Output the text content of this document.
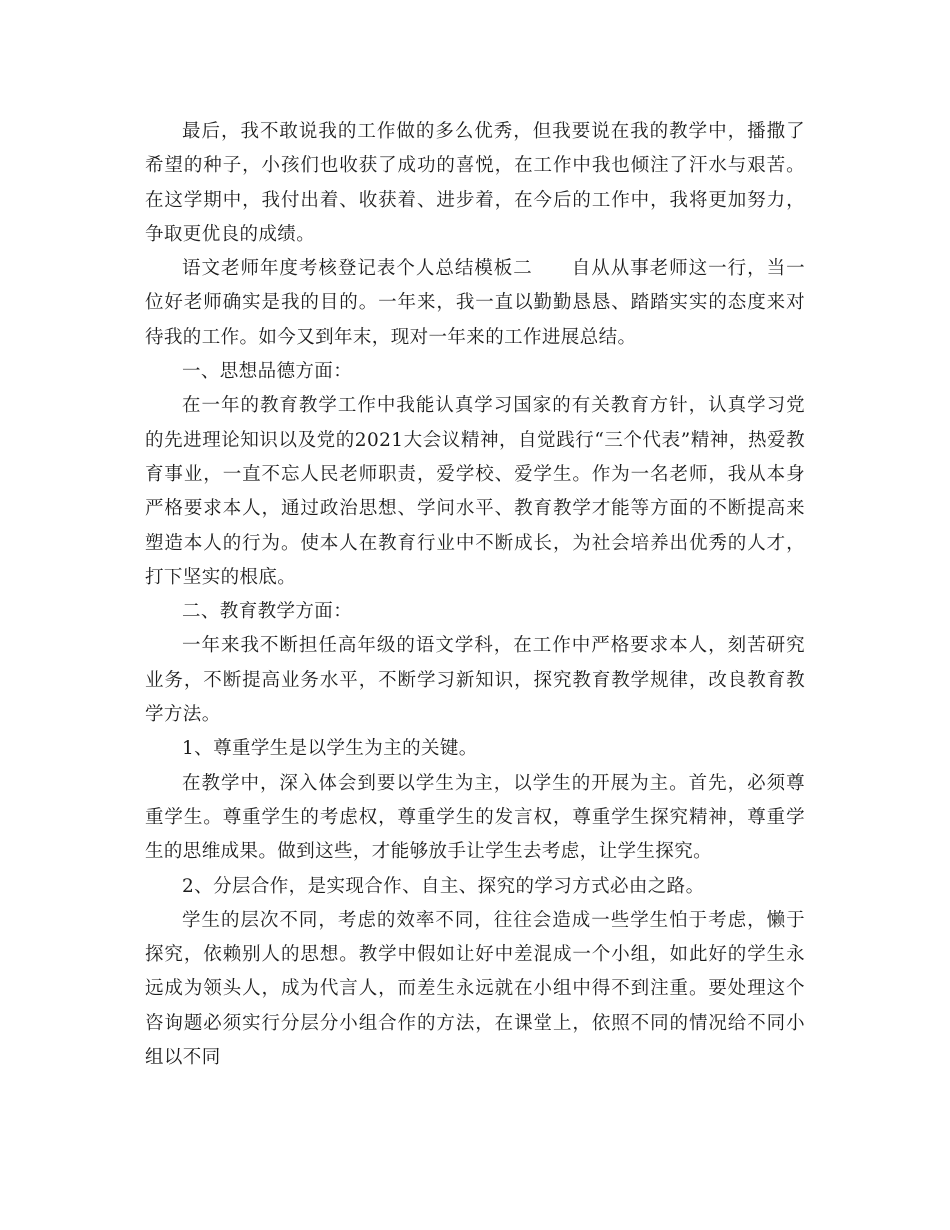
最后，我不敢说我的工作做的多么优秀，但我要说在我的教学中，播撒了希望的种子，小孩们也收获了成功的喜悦，在工作中我也倾注了汗水与艰苦。在这学期中，我付出着、收获着、进步着，在今后的工作中，我将更加努力，争取更优良的成绩。

语文老师年度考核登记表个人总结模板二　　自从从事老师这一行，当一位好老师确实是我的目的。一年来，我一直以勤勤恳恳、踏踏实实的态度来对待我的工作。如今又到年末，现对一年来的工作进展总结。

一、思想品德方面：

在一年的教育教学工作中我能认真学习国家的有关教育方针，认真学习党的先进理论知识以及党的2021大会议精神，自觉践行“三个代表”精神，热爱教育事业，一直不忘人民老师职责，爱学校、爱学生。作为一名老师，我从本身严格要求本人，通过政治思想、学问水平、教育教学才能等方面的不断提高来塑造本人的行为。使本人在教育行业中不断成长，为社会培养出优秀的人才，打下坚实的根底。

二、教育教学方面：

一年来我不断担任高年级的语文学科，在工作中严格要求本人，刻苦研究业务，不断提高业务水平，不断学习新知识，探究教育教学规律，改良教育教学方法。

1、尊重学生是以学生为主的关键。

在教学中，深入体会到要以学生为主，以学生的开展为主。首先，必须尊重学生。尊重学生的考虑权，尊重学生的发言权，尊重学生探究精神，尊重学生的思维成果。做到这些，才能够放手让学生去考虑，让学生探究。

2、分层合作，是实现合作、自主、探究的学习方式必由之路。

学生的层次不同，考虑的效率不同，往往会造成一些学生怕于考虑，懒于探究，依赖别人的思想。教学中假如让好中差混成一个小组，如此好的学生永远成为领头人，成为代言人，而差生永远就在小组中得不到注重。要处理这个咨询题必须实行分层分小组合作的方法，在课堂上，依照不同的情况给不同小组以不同
